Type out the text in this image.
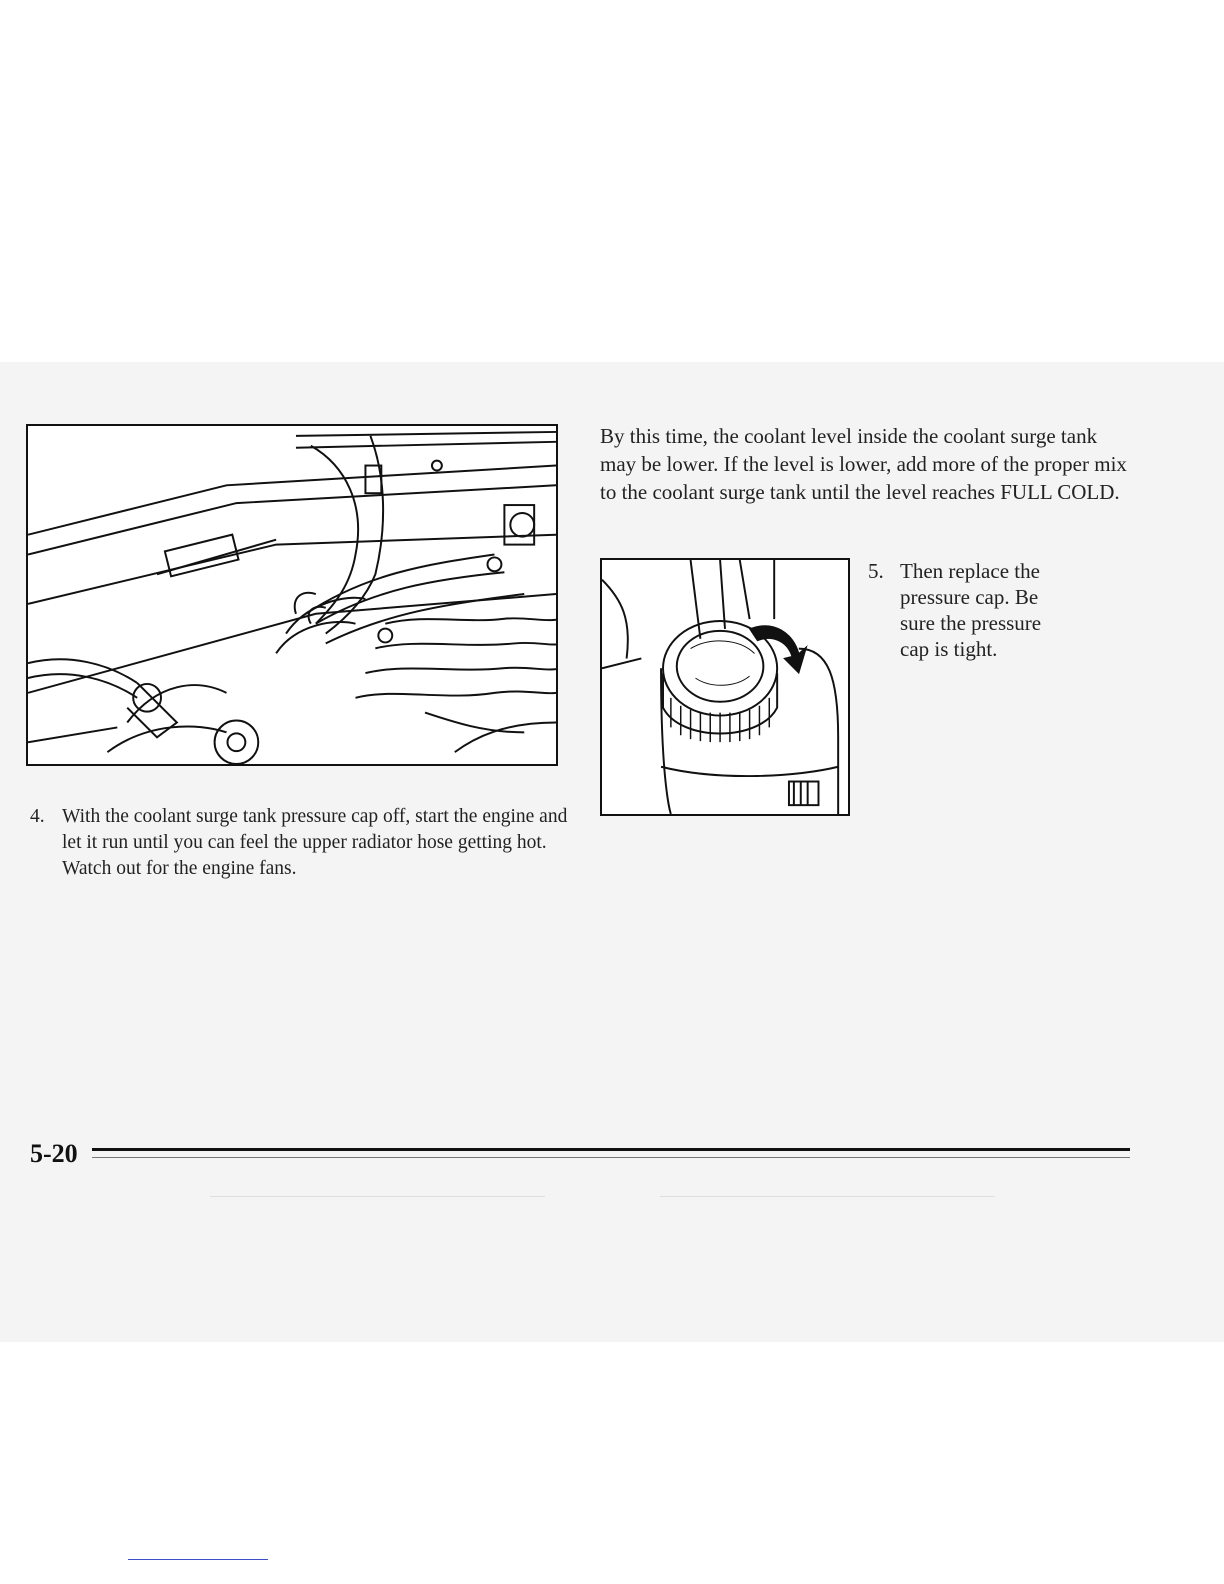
4. With the coolant surge tank pressure cap off, start the engine and let it run until you can feel the upper radiator hose getting hot. Watch out for the engine fans.
By this time, the coolant level inside the coolant surge tank may be lower. If the level is lower, add more of the proper mix to the coolant surge tank until the level reaches FULL COLD.
5. Then replace the pressure cap. Be sure the pressure cap is tight.
5-20
